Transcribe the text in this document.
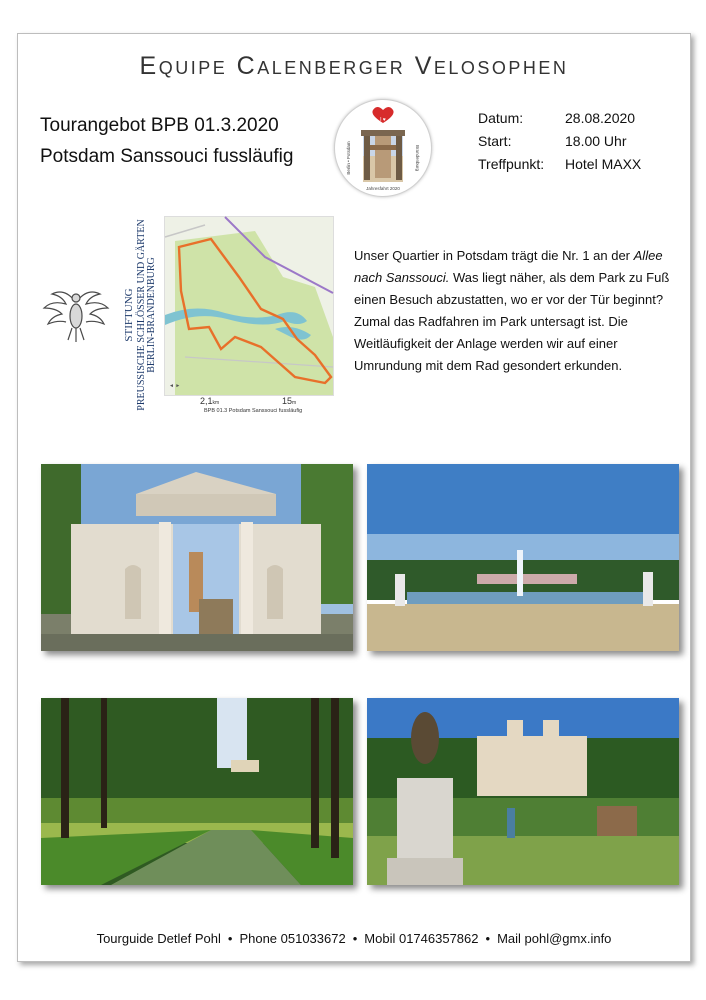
Equipe Calenberger Velosophen
Tourangebot BPB 01.3.2020
Potsdam Sanssouci fussläufig
I ♥
Berlin • Potsdam	Brandenburg
Jahresfahrt 2020
Datum:	28.08.2020
Start:	18.00 Uhr
Treffpunkt: Hotel MAXX
STIFTUNG PREUSSISCHE SCHLÖSSER UND GÄRTEN BERLIN-BRANDENBURG
◄ ►
2,1km	15m
BPB 01.3 Potsdam Sanssouci fussläufig
Unser Quartier in Potsdam trägt die Nr. 1 an der Allee nach Sanssouci. Was liegt näher, als dem Park zu Fuß einen Besuch abzustatten, wo er vor der Tür beginnt? Zumal das Radfahren im Park untersagt ist. Die Weitläufigkeit der Anlage werden wir auf einer Umrundung mit dem Rad gesondert erkunden.
Tourguide Detlef Pohl • Phone 051033672 • Mobil 01746357862 • Mail pohl@gmx.info
